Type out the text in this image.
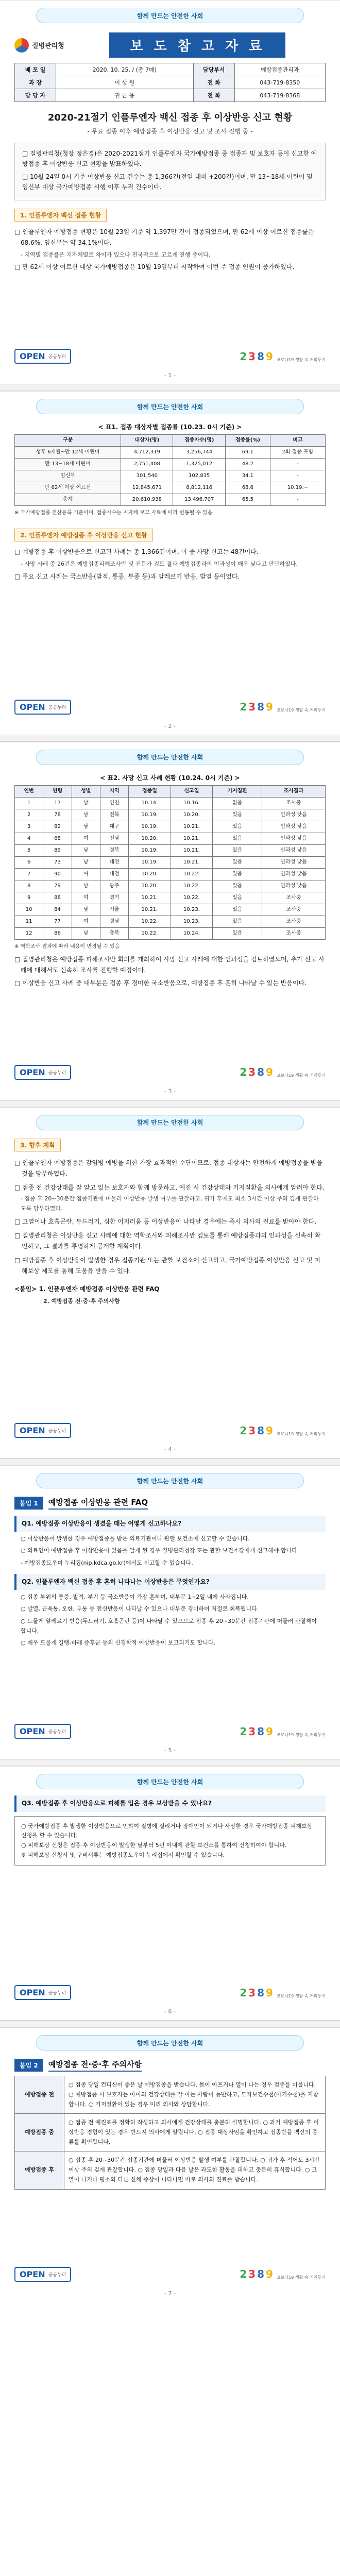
함께 만드는 안전한 사회
질병관리청	보 도 참 고 자 료
배 포 일	2020. 10. 25. / (총 7매)	담당부서	예방접종관리과
과 장	이 상 원	전 화	043-719-8350
담 당 자	권 근 용	전 화	043-719-8368
2020-21절기 인플루엔자 백신 접종 후 이상반응 신고 현황
- 무료 접종 이후 예방접종 후 이상반응 신고 및 조사 진행 중 -

□ 질병관리청(청장 정은경)은 2020-2021절기 인플루엔자 국가예방접종 중 접종자 및 보호자 등이 신고한 예방접종 후 이상반응 신고 현황을 발표하였다.

□ 10월 24일 0시 기준 이상반응 신고 건수는 총 1,366건(전일 대비 +200건)이며, 만 13~18세 어린이 및 임신부 대상 국가예방접종 시행 이후 누적 건수이다.

1. 인플루엔자 백신 접종 현황
□ 인플루엔자 예방접종 현황은 10월 23일 기준 약 1,397만 건이 접종되었으며, 만 62세 이상 어르신 접종률은 68.6%, 임신부는 약 34.1%이다.
- 지역별 접종률은 지자체별로 차이가 있으나 전국적으로 고르게 진행 중이다.
□ 만 62세 이상 어르신 대상 국가예방접종은 10월 19일부터 시작하여 이번 주 접종 인원이 증가하였다.
OPEN 공공누리	2 3 8 9 코로나19 생활 속 거리두기
- 1 -
함께 만드는 안전한 사회
< 표1. 접종 대상자별 접종률 (10.23. 0시 기준) >
구분	대상자(명)	접종자수(명)	접종률(%)	비고
생후 6개월~만 12세 어린이	4,712,319	3,256,744	69.1	2회 접종 포함
만 13~18세 어린이	2,751,408	1,325,012	48.2	-
임신부	301,540	102,835	34.1	-
만 62세 이상 어르신	12,845,671	8,812,116	68.6	10.19.~
총계	20,610,938	13,496,707	65.5	-
※ 국가예방접종 전산등록 기준이며, 접종자수는 지자체 보고 자료에 따라 변동될 수 있음
2. 인플루엔자 예방접종 후 이상반응 신고 현황
□ 예방접종 후 이상반응으로 신고된 사례는 총 1,366건이며, 이 중 사망 신고는 48건이다.
- 사망 사례 중 26건은 예방접종피해조사반 및 전문가 검토 결과 예방접종과의 인과성이 매우 낮다고 판단하였다.
□ 주요 신고 사례는 국소반응(발적, 통증, 부종 등)과 알레르기 반응, 발열 등이었다.
OPEN 공공누리	2 3 8 9 코로나19 생활 속 거리두기
- 2 -
함께 만드는 안전한 사회
< 표2. 사망 신고 사례 현황 (10.24. 0시 기준) >
연번	연령	성별	지역	접종일	신고일	기저질환	조사결과
1	17	남	인천	10.14.	10.16.	없음	조사중
2	78	남	전북	10.19.	10.20.	있음	인과성 낮음
3	82	남	대구	10.19.	10.21.	있음	인과성 낮음
4	68	여	전남	10.20.	10.21.	있음	인과성 낮음
5	89	남	경북	10.19.	10.21.	있음	인과성 낮음
6	73	남	대전	10.19.	10.21.	있음	인과성 낮음
7	90	여	대전	10.20.	10.22.	있음	인과성 낮음
8	79	남	광주	10.20.	10.22.	있음	인과성 낮음
9	88	여	경기	10.21.	10.22.	있음	조사중
10	84	남	서울	10.21.	10.23.	있음	조사중
11	77	여	경남	10.22.	10.23.	있음	조사중
12	86	남	충북	10.22.	10.24.	있음	조사중
※ 역학조사 결과에 따라 내용이 변경될 수 있음
□ 질병관리청은 예방접종 피해조사반 회의를 개최하여 사망 신고 사례에 대한 인과성을 검토하였으며, 추가 신고 사례에 대해서도 신속히 조사를 진행할 예정이다.
□ 이상반응 신고 사례 중 대부분은 접종 후 경미한 국소반응으로, 예방접종 후 흔히 나타날 수 있는 반응이다.
OPEN 공공누리	2 3 8 9 코로나19 생활 속 거리두기
- 3 -
함께 만드는 안전한 사회
3. 향후 계획
□ 인플루엔자 예방접종은 감염병 예방을 위한 가장 효과적인 수단이므로, 접종 대상자는 안전하게 예방접종을 받을 것을 당부하였다.
□ 접종 전 건강상태를 잘 알고 있는 보호자와 함께 방문하고, 예진 시 건강상태와 기저질환을 의사에게 알려야 한다.
- 접종 후 20~30분간 접종기관에 머물러 이상반응 발생 여부를 관찰하고, 귀가 후에도 최소 3시간 이상 주의 깊게 관찰하도록 당부하였다.
□ 고열이나 호흡곤란, 두드러기, 심한 어지러움 등 이상반응이 나타날 경우에는 즉시 의사의 진료를 받아야 한다.
□ 질병관리청은 이상반응 신고 사례에 대한 역학조사와 피해조사반 검토를 통해 예방접종과의 인과성을 신속히 확인하고, 그 결과를 투명하게 공개할 계획이다.
□ 예방접종 후 이상반응이 발생한 경우 접종기관 또는 관할 보건소에 신고하고, 국가예방접종 이상반응 신고 및 피해보상 제도를 통해 도움을 받을 수 있다.
<붙임> 1. 인플루엔자 예방접종 이상반응 관련 FAQ
2. 예방접종 전·중·후 주의사항
OPEN 공공누리	2 3 8 9 코로나19 생활 속 거리두기
- 4 -
함께 만드는 안전한 사회
붙임 1	예방접종 이상반응 관련 FAQ
Q1. 예방접종 이상반응이 생겼을 때는 어떻게 신고하나요?
○ 이상반응이 발생한 경우 예방접종을 받은 의료기관이나 관할 보건소에 신고할 수 있습니다.
○ 의료인이 예방접종 후 이상반응이 있음을 알게 된 경우 질병관리청장 또는 관할 보건소장에게 신고해야 합니다.
- 예방접종도우미 누리집(nip.kdca.go.kr)에서도 신고할 수 있습니다.
Q2. 인플루엔자 백신 접종 후 흔히 나타나는 이상반응은 무엇인가요?
○ 접종 부위의 통증, 발적, 부기 등 국소반응이 가장 흔하며, 대부분 1~2일 내에 사라집니다.
○ 발열, 근육통, 오한, 두통 등 전신반응이 나타날 수 있으나 대부분 경미하며 저절로 회복됩니다.
○ 드물게 알레르기 반응(두드러기, 호흡곤란 등)이 나타날 수 있으므로 접종 후 20~30분간 접종기관에 머물러 관찰해야 합니다.
○ 매우 드물게 길랭-바레 증후군 등의 신경학적 이상반응이 보고되기도 합니다.
OPEN 공공누리	2 3 8 9 코로나19 생활 속 거리두기
- 5 -
함께 만드는 안전한 사회
Q3. 예방접종 후 이상반응으로 피해를 입은 경우 보상받을 수 있나요?
○ 국가예방접종 후 발생한 이상반응으로 인하여 질병에 걸리거나 장애인이 되거나 사망한 경우 국가예방접종 피해보상 신청을 할 수 있습니다.
○ 피해보상 신청은 접종 후 이상반응이 발생한 날부터 5년 이내에 관할 보건소를 통하여 신청하여야 합니다.
※ 피해보상 신청서 및 구비서류는 예방접종도우미 누리집에서 확인할 수 있습니다.
OPEN 공공누리	2 3 8 9 코로나19 생활 속 거리두기
- 6 -
함께 만드는 안전한 사회
붙임 2	예방접종 전·중·후 주의사항
예방접종 전	○ 접종 당일 컨디션이 좋은 날 예방접종을 받습니다. 몸이 아프거나 열이 나는 경우 접종을 미룹니다. ○ 예방접종 시 보호자는 아이의 건강상태를 잘 아는 사람이 동반하고, 모자보건수첩(아기수첩)을 지참합니다. ○ 기저질환이 있는 경우 미리 의사와 상담합니다.
예방접종 중	○ 접종 전 예진표를 정확히 작성하고 의사에게 건강상태를 충분히 설명합니다. ○ 과거 예방접종 후 이상반응 경험이 있는 경우 반드시 의사에게 알립니다. ○ 접종 대상자임을 확인하고 접종받을 백신의 종류를 확인합니다.
예방접종 후	○ 접종 후 20~30분간 접종기관에 머물러 이상반응 발생 여부를 관찰합니다. ○ 귀가 후 적어도 3시간 이상 주의 깊게 관찰합니다. ○ 접종 당일과 다음 날은 과도한 활동을 피하고 충분히 휴식합니다. ○ 고열이 나거나 평소와 다른 신체 증상이 나타나면 바로 의사의 진료를 받습니다.
OPEN 공공누리	2 3 8 9 코로나19 생활 속 거리두기
- 7 -
